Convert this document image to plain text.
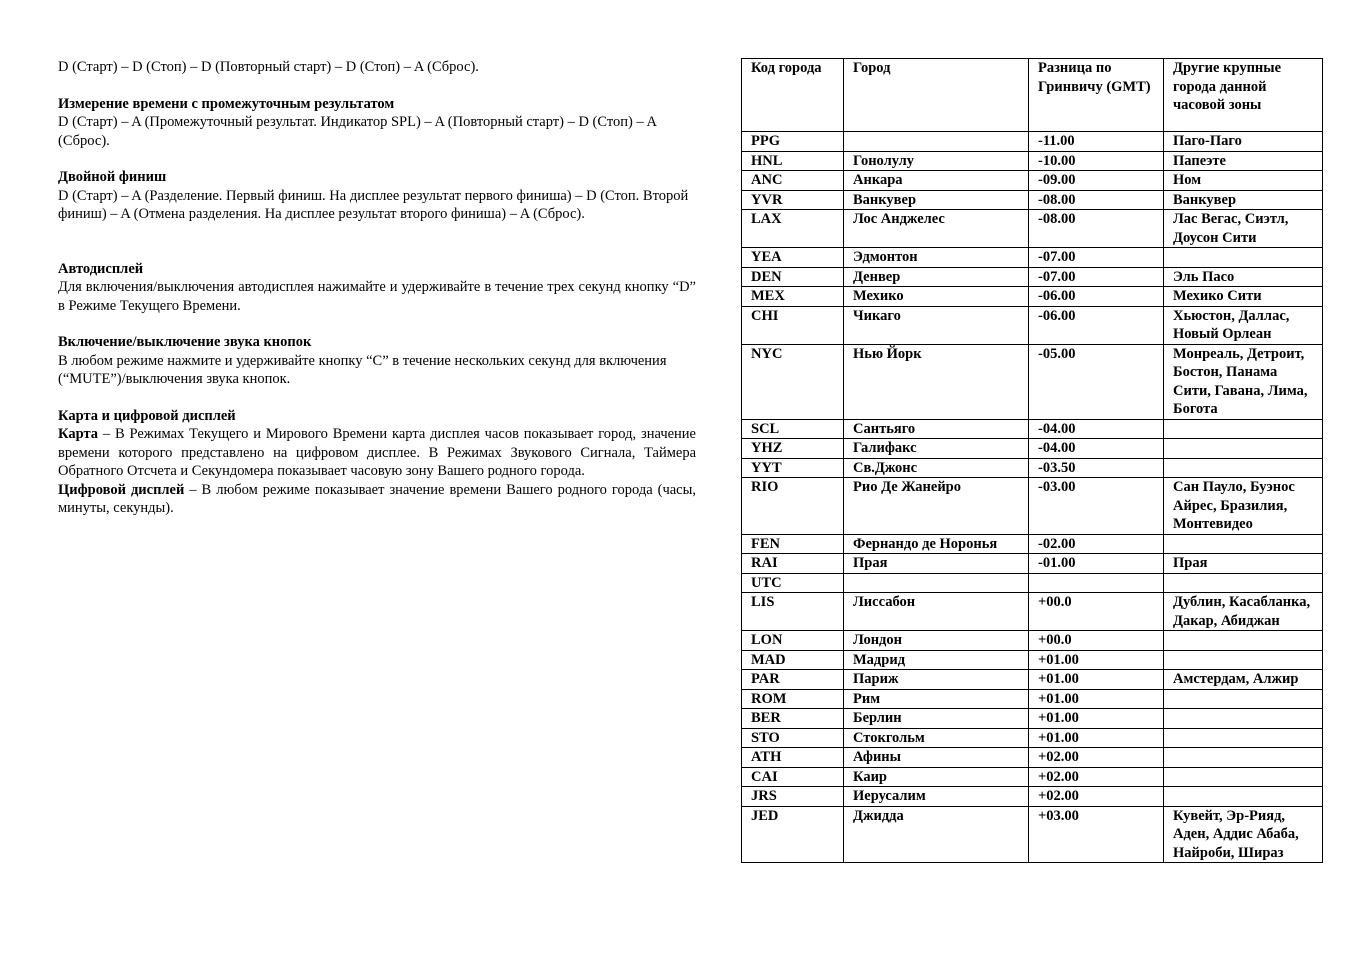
D (Старт) – D (Стоп) – D (Повторный старт) – D (Стоп) – A (Сброс).

Измерение времени с промежуточным результатом

D (Старт) – A (Промежуточный результат. Индикатор SPL) – A (Повторный старт) – D (Стоп) – A (Сброс).

Двойной финиш

D (Старт) – A (Разделение. Первый финиш. На дисплее результат первого финиша) – D (Стоп. Второй финиш) – A (Отмена разделения. На дисплее результат второго финиша) – A (Сброс).

Автодисплей

Для включения/выключения автодисплея нажимайте и удерживайте в течение трех секунд кнопку “D” в Режиме Текущего Времени.

Включение/выключение звука кнопок

В любом режиме нажмите и удерживайте кнопку “C” в течение нескольких секунд для включения (“MUTE”)/выключения звука кнопок.

Карта и цифровой дисплей

Карта – В Режимах Текущего и Мирового Времени карта дисплея часов показывает город, значение времени которого представлено на цифровом дисплее. В Режимах Звукового Сигнала, Таймера Обратного Отсчета и Секундомера показывает часовую зону Вашего родного города.

Цифровой дисплей – В любом режиме показывает значение времени Вашего родного города (часы, минуты, секунды).

Код города	Город	Разница по Гринвичу (GMT)	Другие крупные города данной часовой зоны
PPG		-11.00	Паго-Паго
HNL	Гонолулу	-10.00	Папеэте
ANC	Анкара	-09.00	Ном
YVR	Ванкувер	-08.00	Ванкувер
LAX	Лос Анджелес	-08.00	Лас Вегас, Сиэтл, Доусон Сити
YEA	Эдмонтон	-07.00	
DEN	Денвер	-07.00	Эль Пасо
MEX	Мехико	-06.00	Мехико Сити
CHI	Чикаго	-06.00	Хьюстон, Даллас, Новый Орлеан
NYC	Нью Йорк	-05.00	Монреаль, Детроит, Бостон, Панама Сити, Гавана, Лима, Богота
SCL	Сантьяго	-04.00	
YHZ	Галифакс	-04.00	
YYT	Св.Джонс	-03.50	
RIO	Рио Де Жанейро	-03.00	Сан Пауло, Буэнос Айрес, Бразилия, Монтевидео
FEN	Фернандо де Норонья	-02.00	
RAI	Прая	-01.00	Прая
UTC			
LIS	Лиссабон	+00.0	Дублин, Касабланка, Дакар, Абиджан
LON	Лондон	+00.0	
MAD	Мадрид	+01.00	
PAR	Париж	+01.00	Амстердам, Алжир
ROM	Рим	+01.00	
BER	Берлин	+01.00	
STO	Стокгольм	+01.00	
ATH	Афины	+02.00	
CAI	Каир	+02.00	
JRS	Иерусалим	+02.00	
JED	Джидда	+03.00	Кувейт, Эр-Рияд, Аден, Аддис Абаба, Найроби, Шираз
